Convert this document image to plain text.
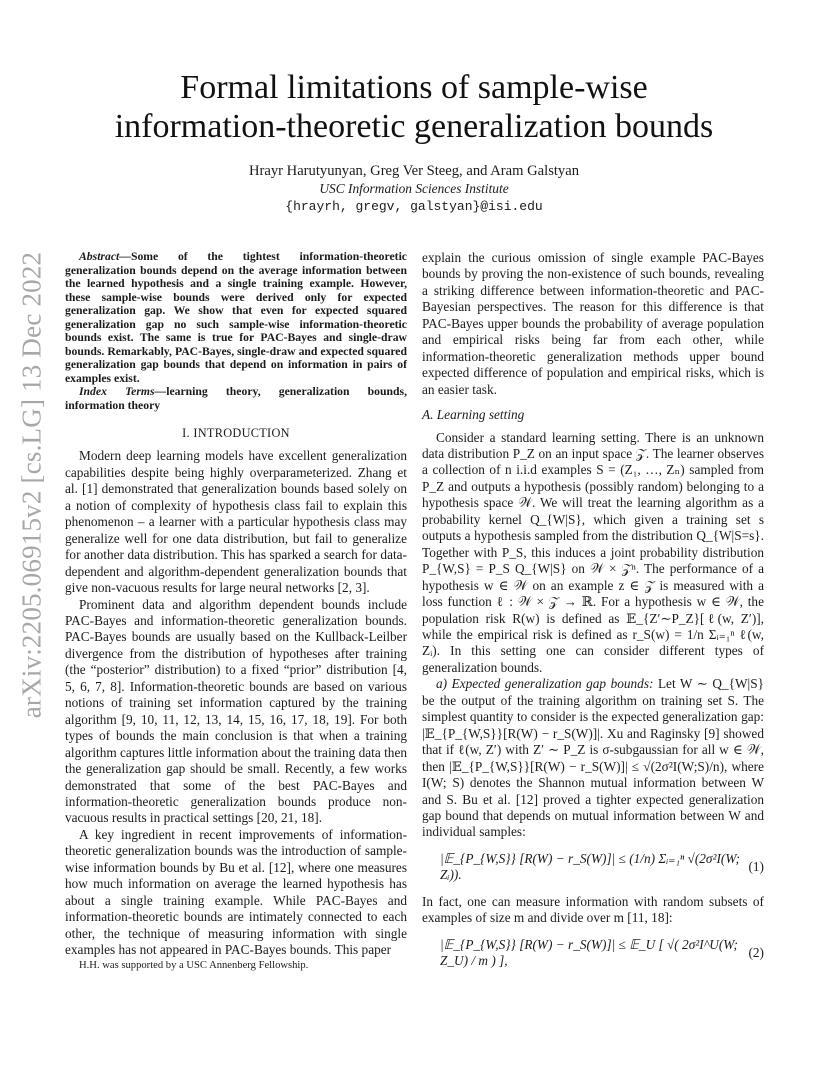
arXiv:2205.06915v2 [cs.LG] 13 Dec 2022
Formal limitations of sample-wise
information-theoretic generalization bounds
Hrayr Harutyunyan, Greg Ver Steeg, and Aram Galstyan
USC Information Sciences Institute
{hrayrh, gregv, galstyan}@isi.edu

Abstract—Some of the tightest information-theoretic generalization bounds depend on the average information between the learned hypothesis and a single training example. However, these sample-wise bounds were derived only for expected generalization gap. We show that even for expected squared generalization gap no such sample-wise information-theoretic bounds exist. The same is true for PAC-Bayes and single-draw bounds. Remarkably, PAC-Bayes, single-draw and expected squared generalization gap bounds that depend on information in pairs of examples exist.

Index Terms—learning theory, generalization bounds, information theory

I. INTRODUCTION

Modern deep learning models have excellent generalization capabilities despite being highly overparameterized. Zhang et al. [1] demonstrated that generalization bounds based solely on a notion of complexity of hypothesis class fail to explain this phenomenon – a learner with a particular hypothesis class may generalize well for one data distribution, but fail to generalize for another data distribution. This has sparked a search for data-dependent and algorithm-dependent generalization bounds that give non-vacuous results for large neural networks [2, 3].

Prominent data and algorithm dependent bounds include PAC-Bayes and information-theoretic generalization bounds. PAC-Bayes bounds are usually based on the Kullback-Leilber divergence from the distribution of hypotheses after training (the “posterior” distribution) to a fixed “prior” distribution [4, 5, 6, 7, 8]. Information-theoretic bounds are based on various notions of training set information captured by the training algorithm [9, 10, 11, 12, 13, 14, 15, 16, 17, 18, 19]. For both types of bounds the main conclusion is that when a training algorithm captures little information about the training data then the generalization gap should be small. Recently, a few works demonstrated that some of the best PAC-Bayes and information-theoretic generalization bounds produce non-vacuous results in practical settings [20, 21, 18].

A key ingredient in recent improvements of information-theoretic generalization bounds was the introduction of sample-wise information bounds by Bu et al. [12], where one measures how much information on average the learned hypothesis has about a single training example. While PAC-Bayes and information-theoretic bounds are intimately connected to each other, the technique of measuring information with single examples has not appeared in PAC-Bayes bounds. This paper

explain the curious omission of single example PAC-Bayes bounds by proving the non-existence of such bounds, revealing a striking difference between information-theoretic and PAC-Bayesian perspectives. The reason for this difference is that PAC-Bayes upper bounds the probability of average population and empirical risks being far from each other, while information-theoretic generalization methods upper bound expected difference of population and empirical risks, which is an easier task.

A. Learning setting

Consider a standard learning setting. There is an unknown data distribution P_Z on an input space 𝒵. The learner observes a collection of n i.i.d examples S = (Z₁, …, Zₙ) sampled from P_Z and outputs a hypothesis (possibly random) belonging to a hypothesis space 𝒲. We will treat the learning algorithm as a probability kernel Q_{W|S}, which given a training set s outputs a hypothesis sampled from the distribution Q_{W|S=s}. Together with P_S, this induces a joint probability distribution P_{W,S} = P_S Q_{W|S} on 𝒲 × 𝒵ⁿ. The performance of a hypothesis w ∈ 𝒲 on an example z ∈ 𝒵 is measured with a loss function ℓ : 𝒲 × 𝒵 → ℝ. For a hypothesis w ∈ 𝒲, the population risk R(w) is defined as 𝔼_{Z′∼P_Z}[ℓ(w, Z′)], while the empirical risk is defined as r_S(w) = 1/n Σᵢ₌₁ⁿ ℓ(w, Zᵢ). In this setting one can consider different types of generalization bounds.

a) Expected generalization gap bounds: Let W ∼ Q_{W|S} be the output of the training algorithm on training set S. The simplest quantity to consider is the expected generalization gap: |𝔼_{P_{W,S}}[R(W) − r_S(W)]|. Xu and Raginsky [9] showed that if ℓ(w, Z′) with Z′ ∼ P_Z is σ-subgaussian for all w ∈ 𝒲, then |𝔼_{P_{W,S}}[R(W) − r_S(W)]| ≤ √(2σ²I(W;S)/n), where I(W; S) denotes the Shannon mutual information between W and S. Bu et al. [12] proved a tighter expected generalization gap bound that depends on mutual information between W and individual samples:

|𝔼_{P_{W,S}} [R(W) − r_S(W)]| ≤ (1/n) Σᵢ₌₁ⁿ √(2σ²I(W; Zᵢ)).
(1)

In fact, one can measure information with random subsets of examples of size m and divide over m [11, 18]:

|𝔼_{P_{W,S}} [R(W) − r_S(W)]| ≤ 𝔼_U [ √( 2σ²I^U(W; Z_U) / m ) ],
(2)
H.H. was supported by a USC Annenberg Fellowship.
